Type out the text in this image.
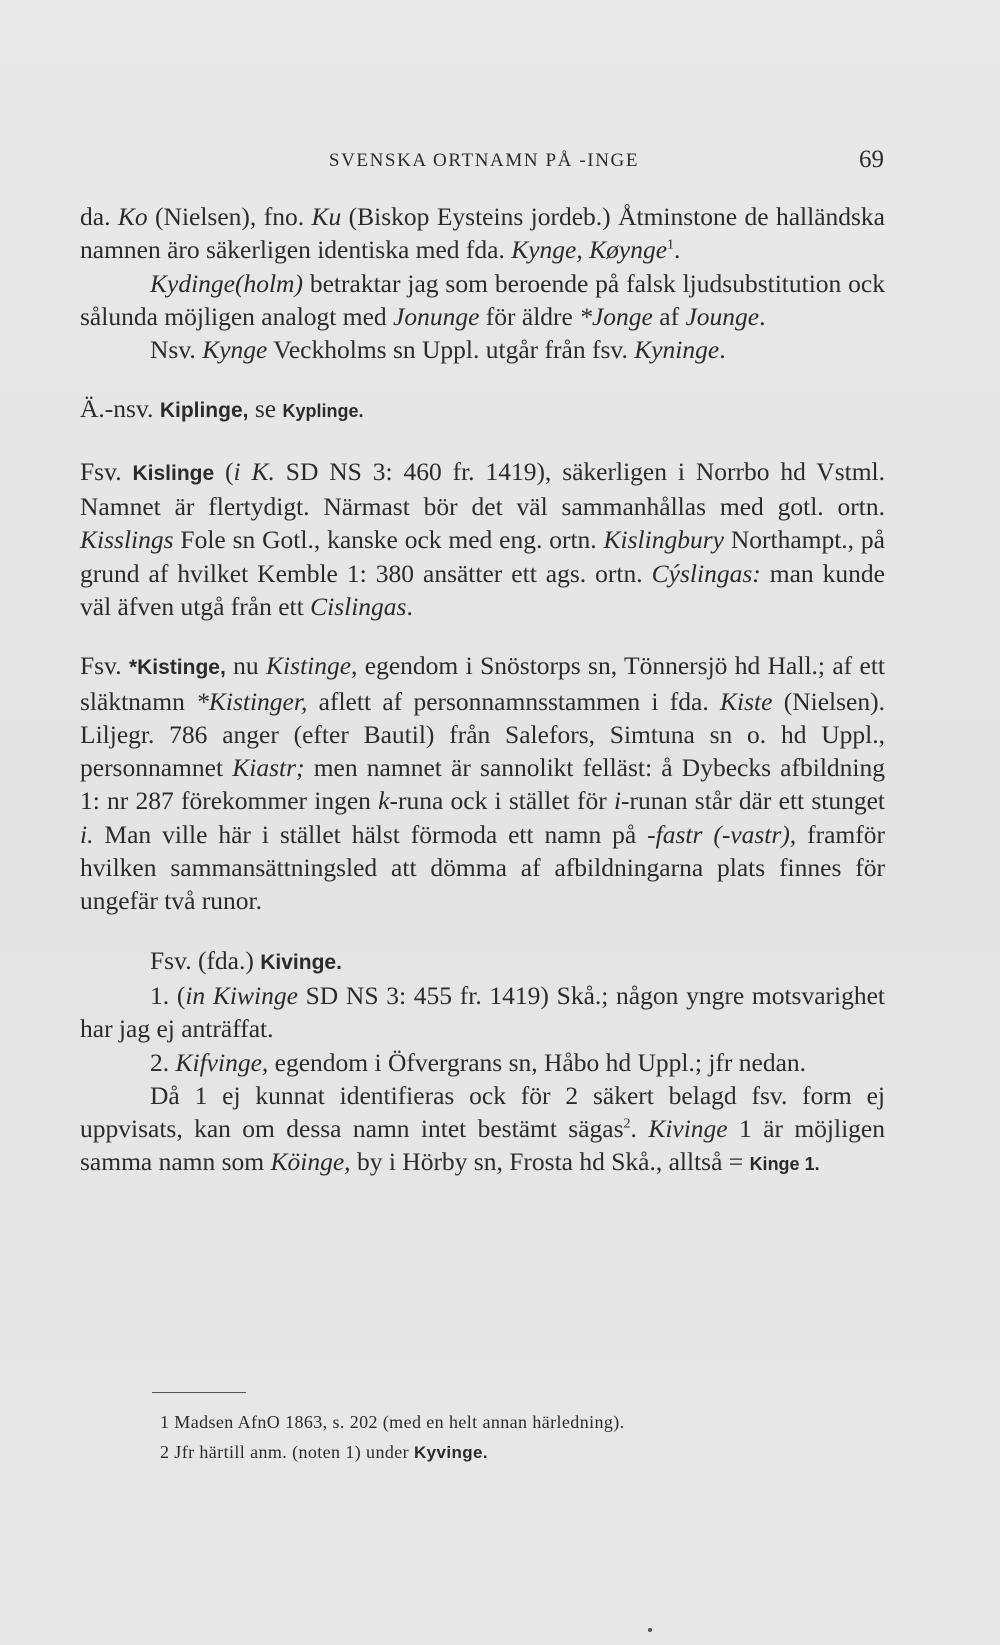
SVENSKA ORTNAMN PÅ -INGE	69

da. Ko (Nielsen), fno. Ku (Biskop Eysteins jordeb.) Åtminstone de halländska namnen äro säkerligen identiska med fda. Kynge, Køynge$^1$.

Kydinge(holm) betraktar jag som beroende på falsk ljudsubstitution ock sålunda möjligen analogt med Jonunge för äldre *Jonge af Jounge.

Nsv. Kynge Veckholms sn Uppl. utgår från fsv. Kyninge.

Ä.-nsv. Kiplinge, se Kyplinge.

Fsv. Kislinge (i K. SD NS 3: 460 fr. 1419), säkerligen i Norrbo hd Vstml. Namnet är flertydigt. Närmast bör det väl sammanhållas med gotl. ortn. Kisslings Fole sn Gotl., kanske ock med eng. ortn. Kislingbury Northampt., på grund af hvilket Kemble 1: 380 ansätter ett ags. ortn. Cýslingas: man kunde väl äfven utgå från ett Cislingas.

Fsv. *Kistinge, nu Kistinge, egendom i Snöstorps sn, Tönnersjö hd Hall.; af ett släktnamn *Kistinger, aflett af personnamnsstammen i fda. Kiste (Nielsen). Liljegr. 786 anger (efter Bautil) från Salefors, Simtuna sn o. hd Uppl., personnamnet Kiastr; men namnet är sannolikt felläst: å Dybecks afbildning 1: nr 287 förekommer ingen k-runa ock i stället för i-runan står där ett stunget i. Man ville här i stället hälst förmoda ett namn på -fastr (-vastr), framför hvilken sammansättningsled att dömma af afbildningarna plats finnes för ungefär två runor.

Fsv. (fda.) Kivinge.

1. (in Kiwinge SD NS 3: 455 fr. 1419) Skå.; någon yngre motsvarighet har jag ej anträffat.

2. Kifvinge, egendom i Öfvergrans sn, Håbo hd Uppl.; jfr nedan.

Då 1 ej kunnat identifieras ock för 2 säkert belagd fsv. form ej uppvisats, kan om dessa namn intet bestämt sägas$^2$. Kivinge 1 är möjligen samma namn som Köinge, by i Hörby sn, Frosta hd Skå., alltså = Kinge 1.

1 Madsen AfnO 1863, s. 202 (med en helt annan härledning).
2 Jfr härtill anm. (noten 1) under Kyvinge.
